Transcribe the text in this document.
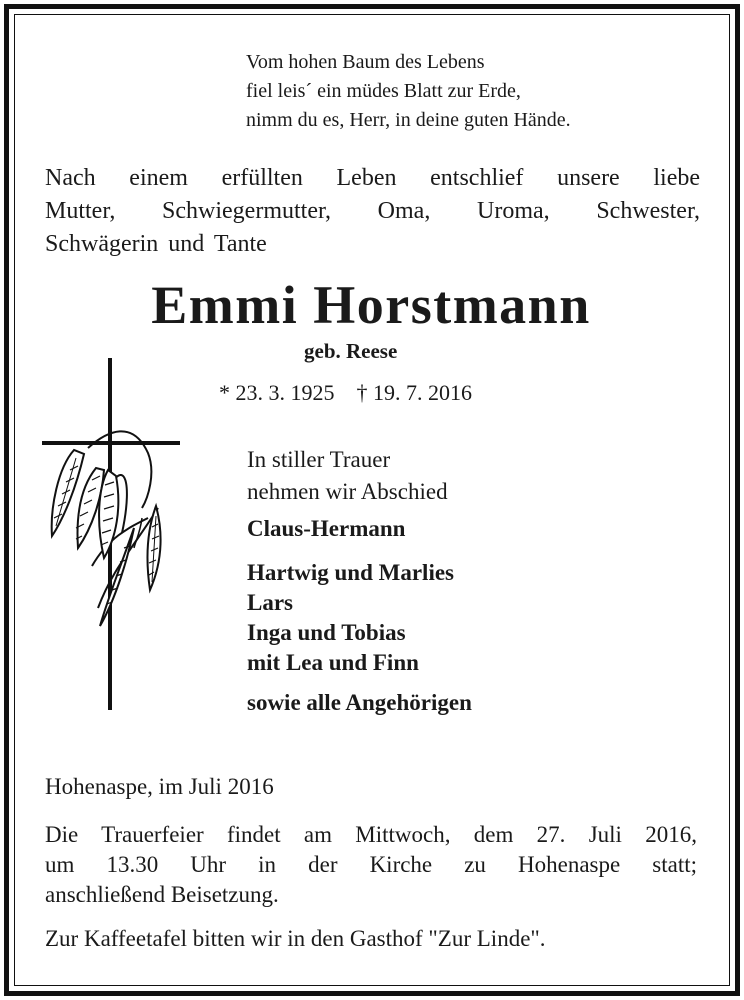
Vom hohen Baum des Lebens
fiel leis´ ein müdes Blatt zur Erde,
nimm du es, Herr, in deine guten Hände.
Nach einem erfüllten Leben entschlief unsere liebe
Mutter, Schwiegermutter, Oma, Uroma, Schwester,
Schwägerin und Tante
Emmi Horstmann
geb. Reese
* 23. 3. 1925 † 19. 7. 2016
In stiller Trauer
nehmen wir Abschied
Claus-Hermann
Hartwig und Marlies
Lars
Inga und Tobias
mit Lea und Finn
sowie alle Angehörigen
Hohenaspe, im Juli 2016
Die Trauerfeier findet am Mittwoch, dem 27. Juli 2016,
um 13.30 Uhr in der Kirche zu Hohenaspe statt;
anschließend Beisetzung.
Zur Kaffeetafel bitten wir in den Gasthof "Zur Linde".
